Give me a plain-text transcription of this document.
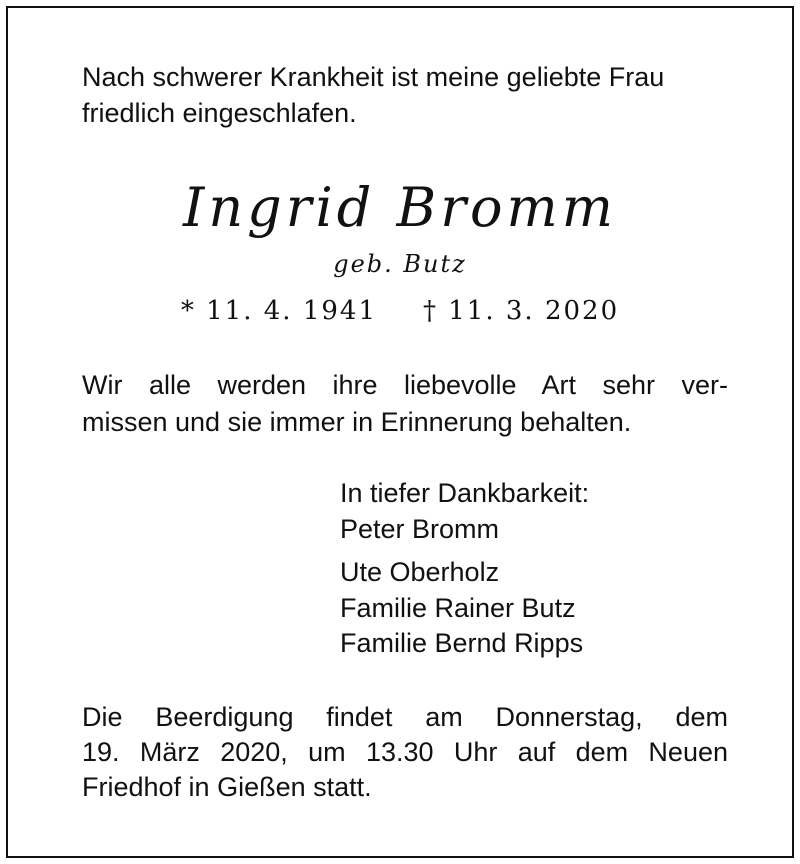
Nach schwerer Krankheit ist meine geliebte Frau
friedlich eingeschlafen.
Ingrid Bromm
geb. Butz
* 11. 4. 1941 † 11. 3. 2020
Wir alle werden ihre liebevolle Art sehr ver-
missen und sie immer in Erinnerung behalten.
In tiefer Dankbarkeit:
Peter Bromm
Ute Oberholz
Familie Rainer Butz
Familie Bernd Ripps
Die Beerdigung findet am Donnerstag, dem
19. März 2020, um 13.30 Uhr auf dem Neuen
Friedhof in Gießen statt.
